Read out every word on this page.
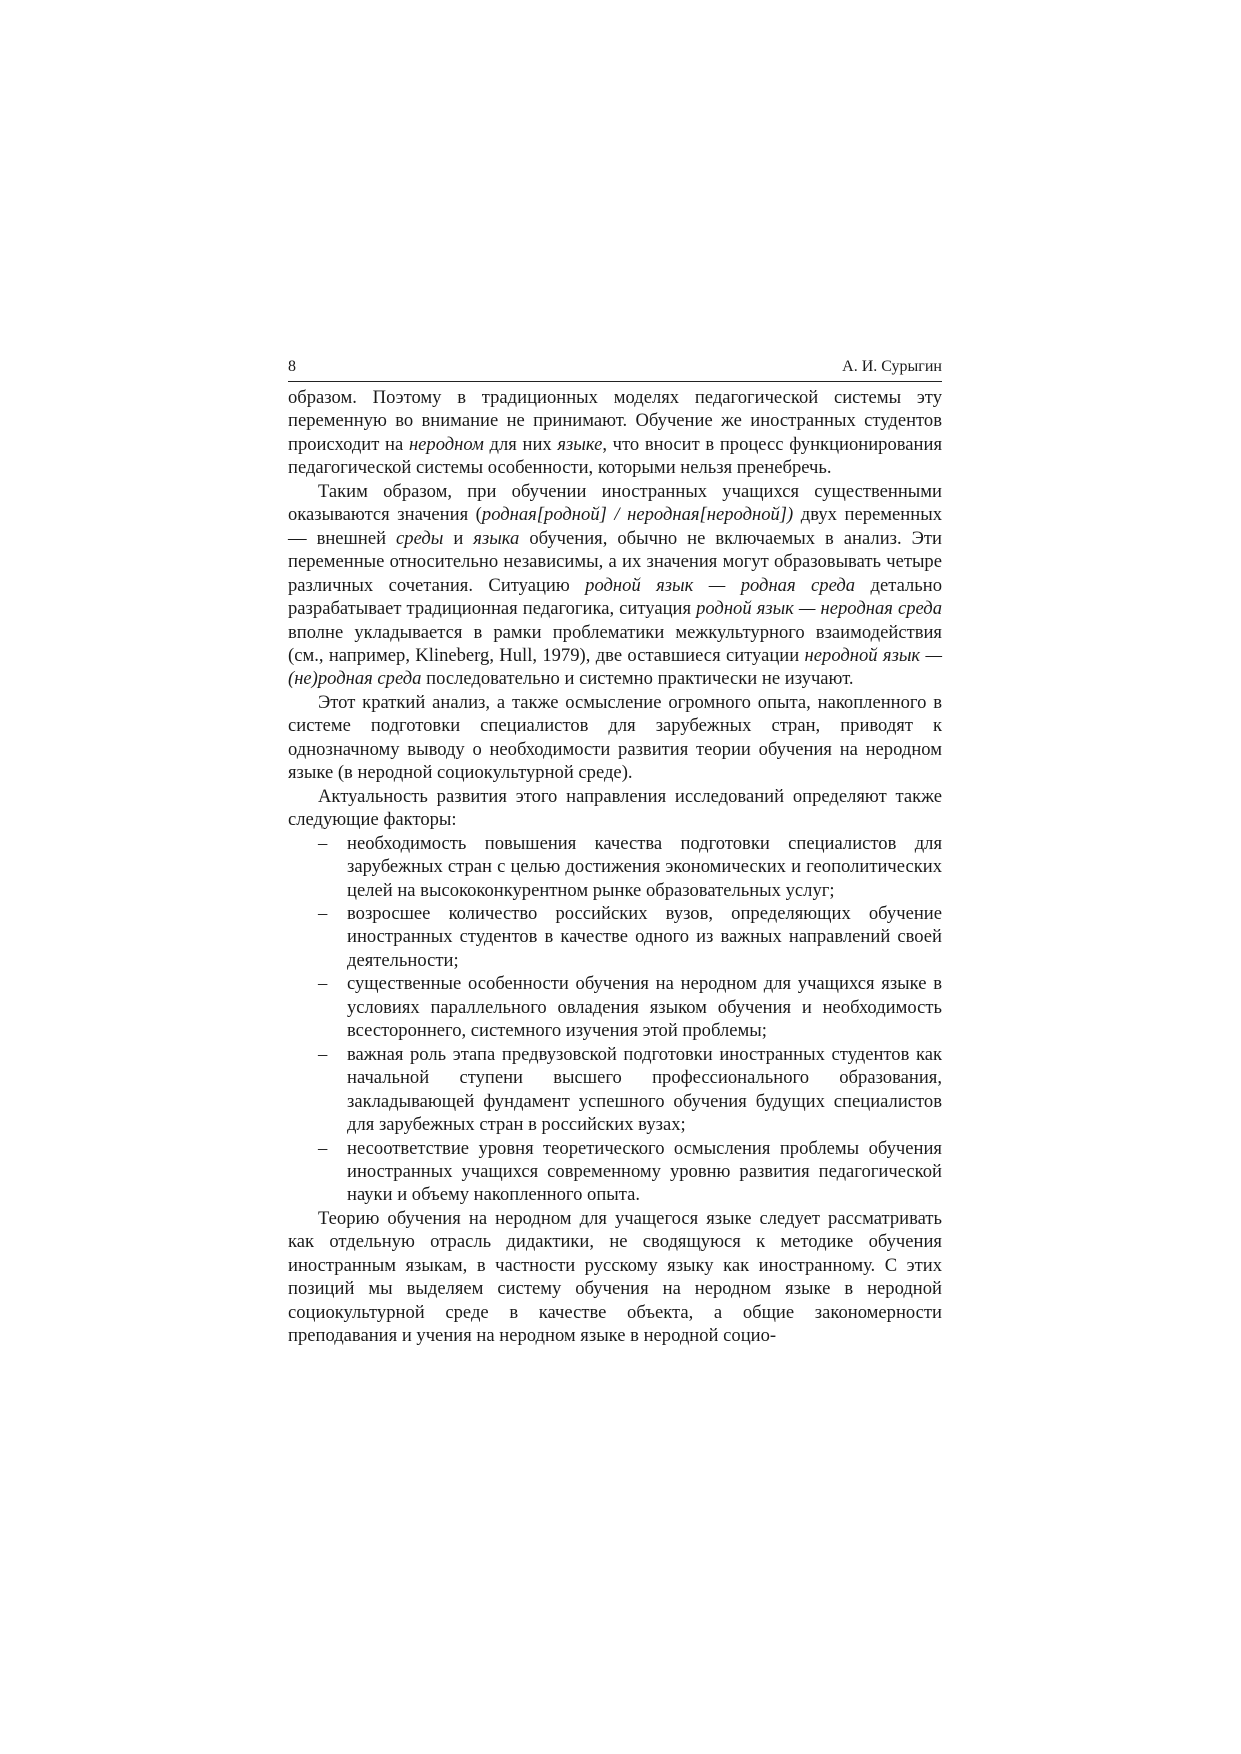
8	А. И. Сурыгин

образом. Поэтому в традиционных моделях педагогической системы эту переменную во внимание не принимают. Обучение же иностранных студентов происходит на неродном для них языке, что вносит в процесс функционирования педагогической системы особенности, которыми нельзя пренебречь.

Таким образом, при обучении иностранных учащихся существенными оказываются значения (родная[родной] / неродная[неродной]) двух переменных — внешней среды и языка обучения, обычно не включаемых в анализ. Эти переменные относительно независимы, а их значения могут образовывать четыре различных сочетания. Ситуацию родной язык — родная среда детально разрабатывает традиционная педагогика, ситуация родной язык — неродная среда вполне укладывается в рамки проблематики межкультурного взаимодействия (см., например, Klineberg, Hull, 1979), две оставшиеся ситуации неродной язык — (не)родная среда последовательно и системно практически не изучают.

Этот краткий анализ, а также осмысление огромного опыта, накопленного в системе подготовки специалистов для зарубежных стран, приводят к однозначному выводу о необходимости развития теории обучения на неродном языке (в неродной социокультурной среде).

Актуальность развития этого направления исследований определяют также следующие факторы:

– необходимость повышения качества подготовки специалистов для зарубежных стран с целью достижения экономических и геополитических целей на высококонкурентном рынке образовательных услуг;
– возросшее количество российских вузов, определяющих обучение иностранных студентов в качестве одного из важных направлений своей деятельности;
– существенные особенности обучения на неродном для учащихся языке в условиях параллельного овладения языком обучения и необходимость всестороннего, системного изучения этой проблемы;
– важная роль этапа предвузовской подготовки иностранных студентов как начальной ступени высшего профессионального образования, закладывающей фундамент успешного обучения будущих специалистов для зарубежных стран в российских вузах;
– несоответствие уровня теоретического осмысления проблемы обучения иностранных учащихся современному уровню развития педагогической науки и объему накопленного опыта.

Теорию обучения на неродном для учащегося языке следует рассматривать как отдельную отрасль дидактики, не сводящуюся к методике обучения иностранным языкам, в частности русскому языку как иностранному. С этих позиций мы выделяем систему обучения на неродном языке в неродной социокультурной среде в качестве объекта, а общие закономерности преподавания и учения на неродном языке в неродной социо-
